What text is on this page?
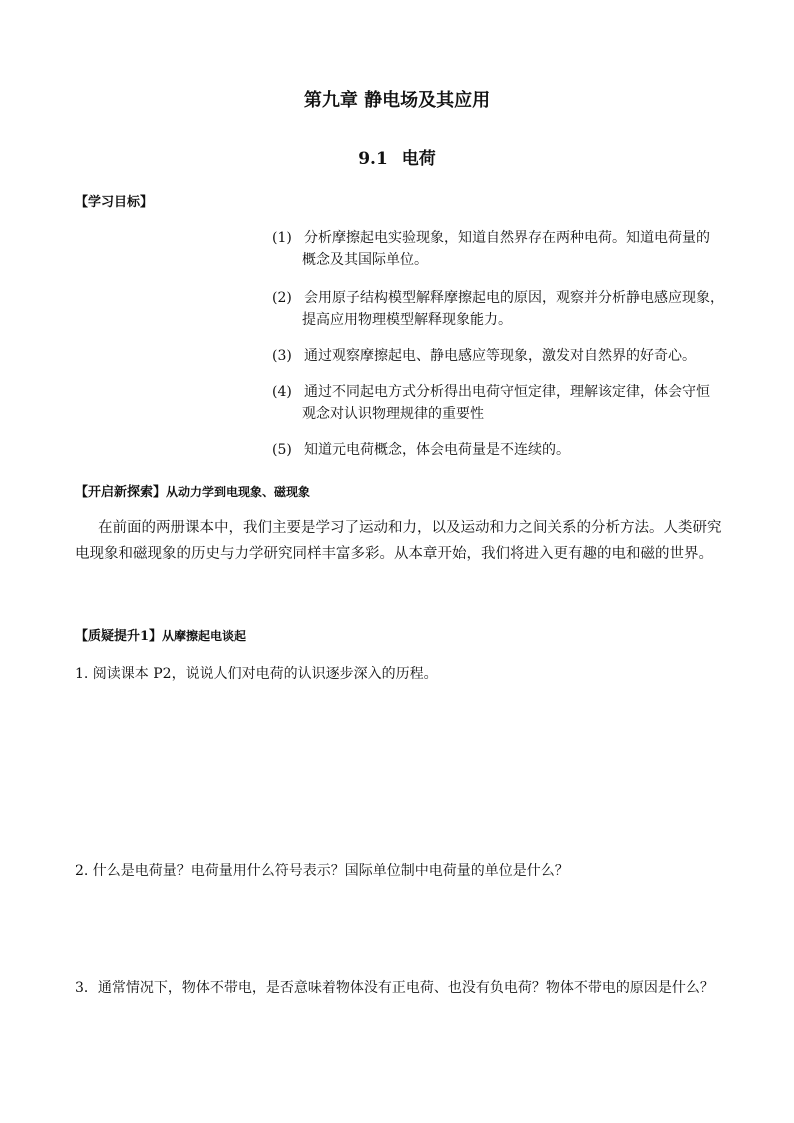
第九章 静电场及其应用
9.1 电荷
【学习目标】
(1) 分析摩擦起电实验现象，知道自然界存在两种电荷。知道电荷量的
概念及其国际单位。
(2) 会用原子结构模型解释摩擦起电的原因，观察并分析静电感应现象，
提高应用物理模型解释现象能力。
(3) 通过观察摩擦起电、静电感应等现象，激发对自然界的好奇心。
(4) 通过不同起电方式分析得出电荷守恒定律，理解该定律，体会守恒
观念对认识物理规律的重要性
(5) 知道元电荷概念，体会电荷量是不连续的。
【开启新探索】从动力学到电现象、磁现象
在前面的两册课本中，我们主要是学习了运动和力，以及运动和力之间关系的分析方法。人类研究电现象和磁现象的历史与力学研究同样丰富多彩。从本章开始，我们将进入更有趣的电和磁的世界。
【质疑提升1】从摩擦起电谈起
1. 阅读课本 P2，说说人们对电荷的认识逐步深入的历程。
2. 什么是电荷量？电荷量用什么符号表示？国际单位制中电荷量的单位是什么？
3．通常情况下，物体不带电，是否意味着物体没有正电荷、也没有负电荷？物体不带电的原因是什么？
